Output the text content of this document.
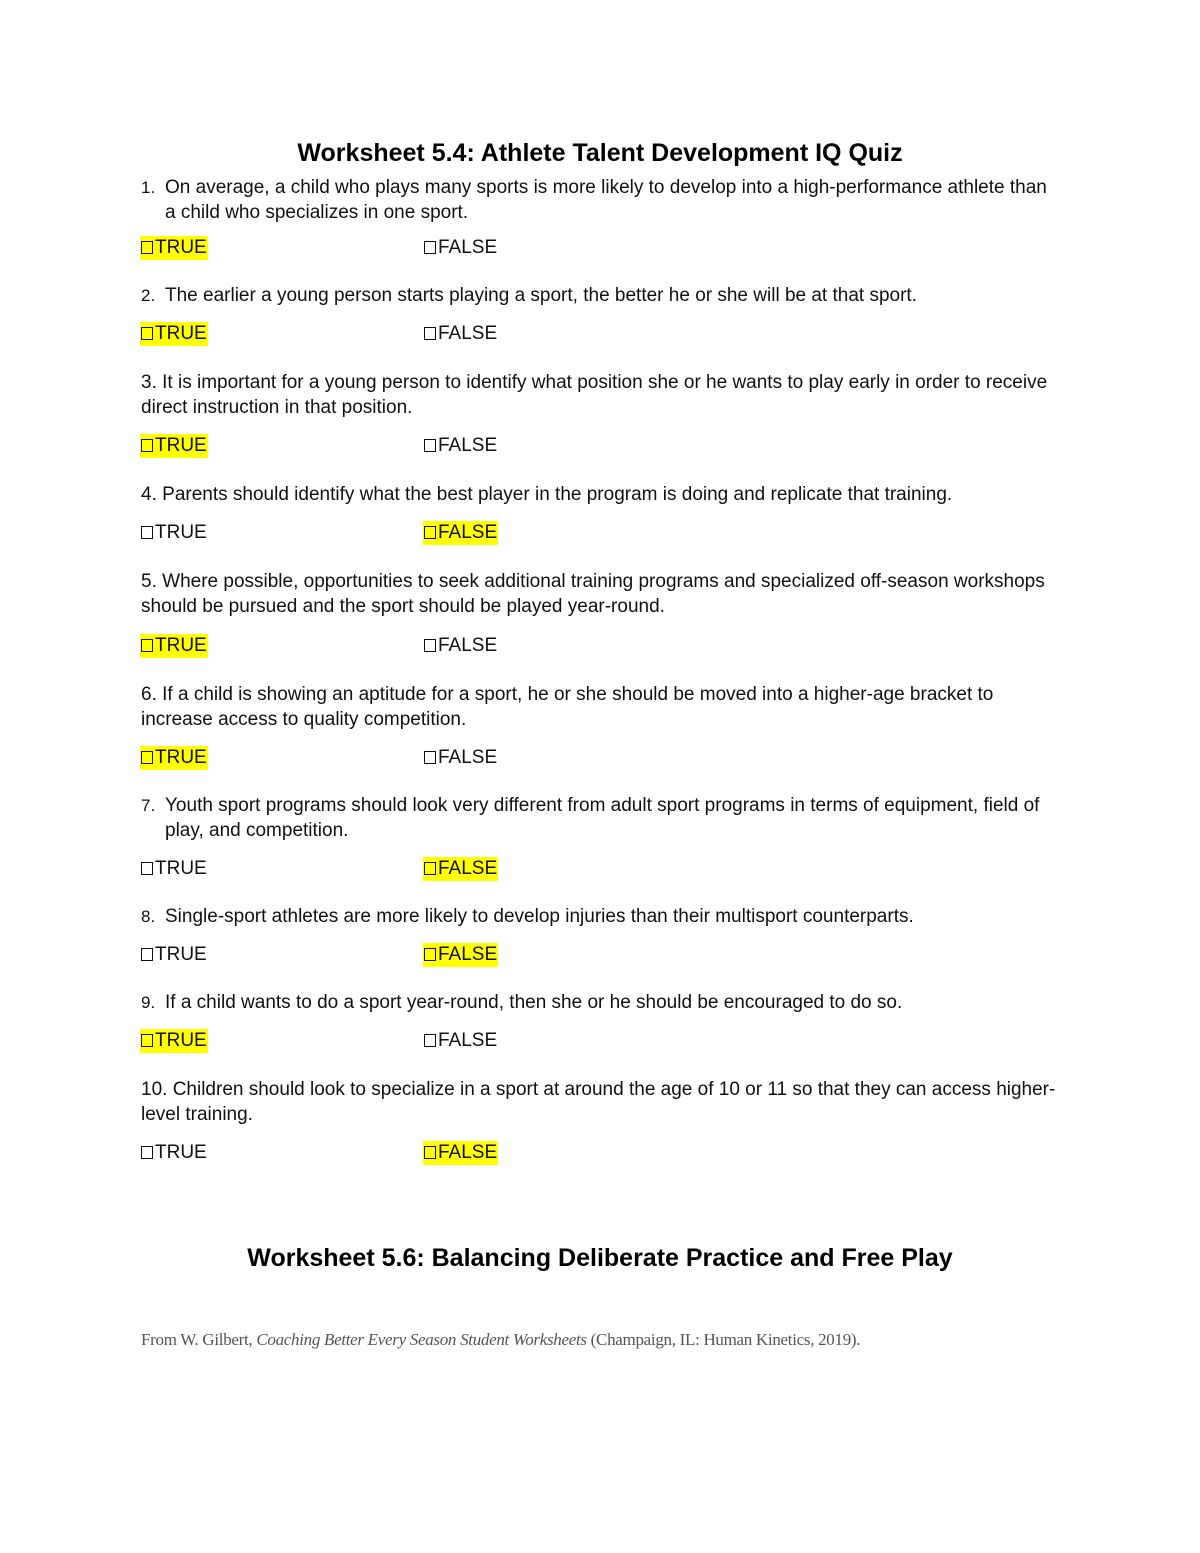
Worksheet 5.4: Athlete Talent Development IQ Quiz

1. On average, a child who plays many sports is more likely to develop into a high-performance athlete than a child who specializes in one sport.

TRUE	FALSE

2. The earlier a young person starts playing a sport, the better he or she will be at that sport.

TRUE	FALSE

3. It is important for a young person to identify what position she or he wants to play early in order to receive direct instruction in that position.

TRUE	FALSE

4. Parents should identify what the best player in the program is doing and replicate that training.

TRUE	FALSE

5. Where possible, opportunities to seek additional training programs and specialized off-season workshops should be pursued and the sport should be played year-round.

TRUE	FALSE

6. If a child is showing an aptitude for a sport, he or she should be moved into a higher-age bracket to increase access to quality competition.

TRUE	FALSE

7. Youth sport programs should look very different from adult sport programs in terms of equipment, field of play, and competition.

TRUE	FALSE

8. Single-sport athletes are more likely to develop injuries than their multisport counterparts.

TRUE	FALSE

9. If a child wants to do a sport year-round, then she or he should be encouraged to do so.

TRUE	FALSE

10. Children should look to specialize in a sport at around the age of 10 or 11 so that they can access higher-level training.

TRUE	FALSE
Worksheet 5.6: Balancing Deliberate Practice and Free Play
From W. Gilbert, Coaching Better Every Season Student Worksheets (Champaign, IL: Human Kinetics, 2019).
